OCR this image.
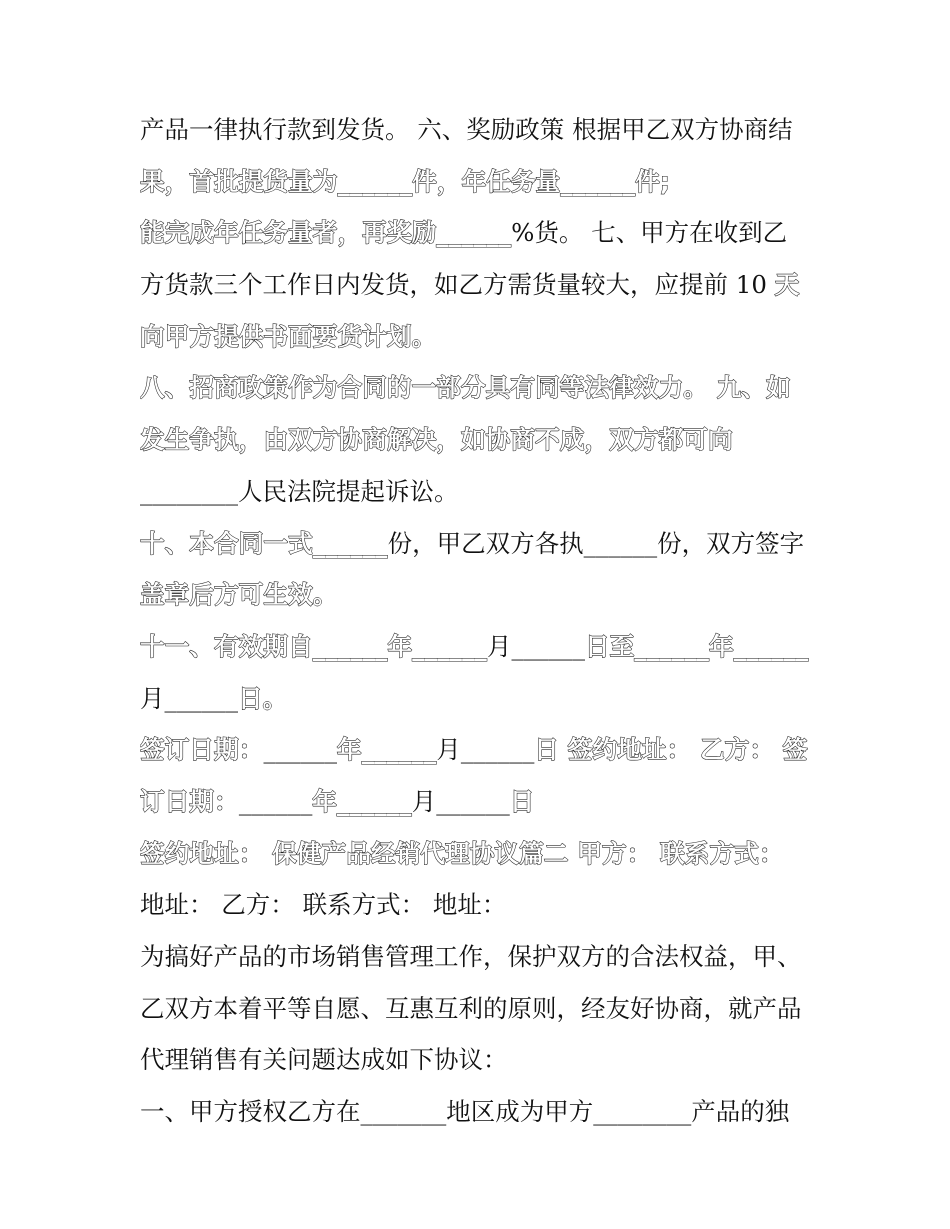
产品一律执行款到发货。 六、奖励政策 根据甲乙双方协商结
果，首批提货量为______件，年任务量______件;
能完成年任务量者，再奖励______%货。 七、甲方在收到乙
方货款三个工作日内发货，如乙方需货量较大，应提前 10 天
向甲方提供书面要货计划。
八、招商政策作为合同的一部分具有同等法律效力。 九、如
发生争执，由双方协商解决，如协商不成，双方都可向
________人民法院提起诉讼。
十、本合同一式______份，甲乙双方各执______份，双方签字
盖章后方可生效。
十一、有效期自______年______月______日至______年______
月______日。
签订日期：______年______月______日 签约地址： 乙方： 签
订日期：______年______月______日
签约地址： 保健产品经销代理协议篇二 甲方： 联系方式：
地址： 乙方： 联系方式： 地址：
为搞好产品的市场销售管理工作，保护双方的合法权益，甲、
乙双方本着平等自愿、互惠互利的原则，经友好协商，就产品
代理销售有关问题达成如下协议：
一、甲方授权乙方在_______地区成为甲方________产品的独
